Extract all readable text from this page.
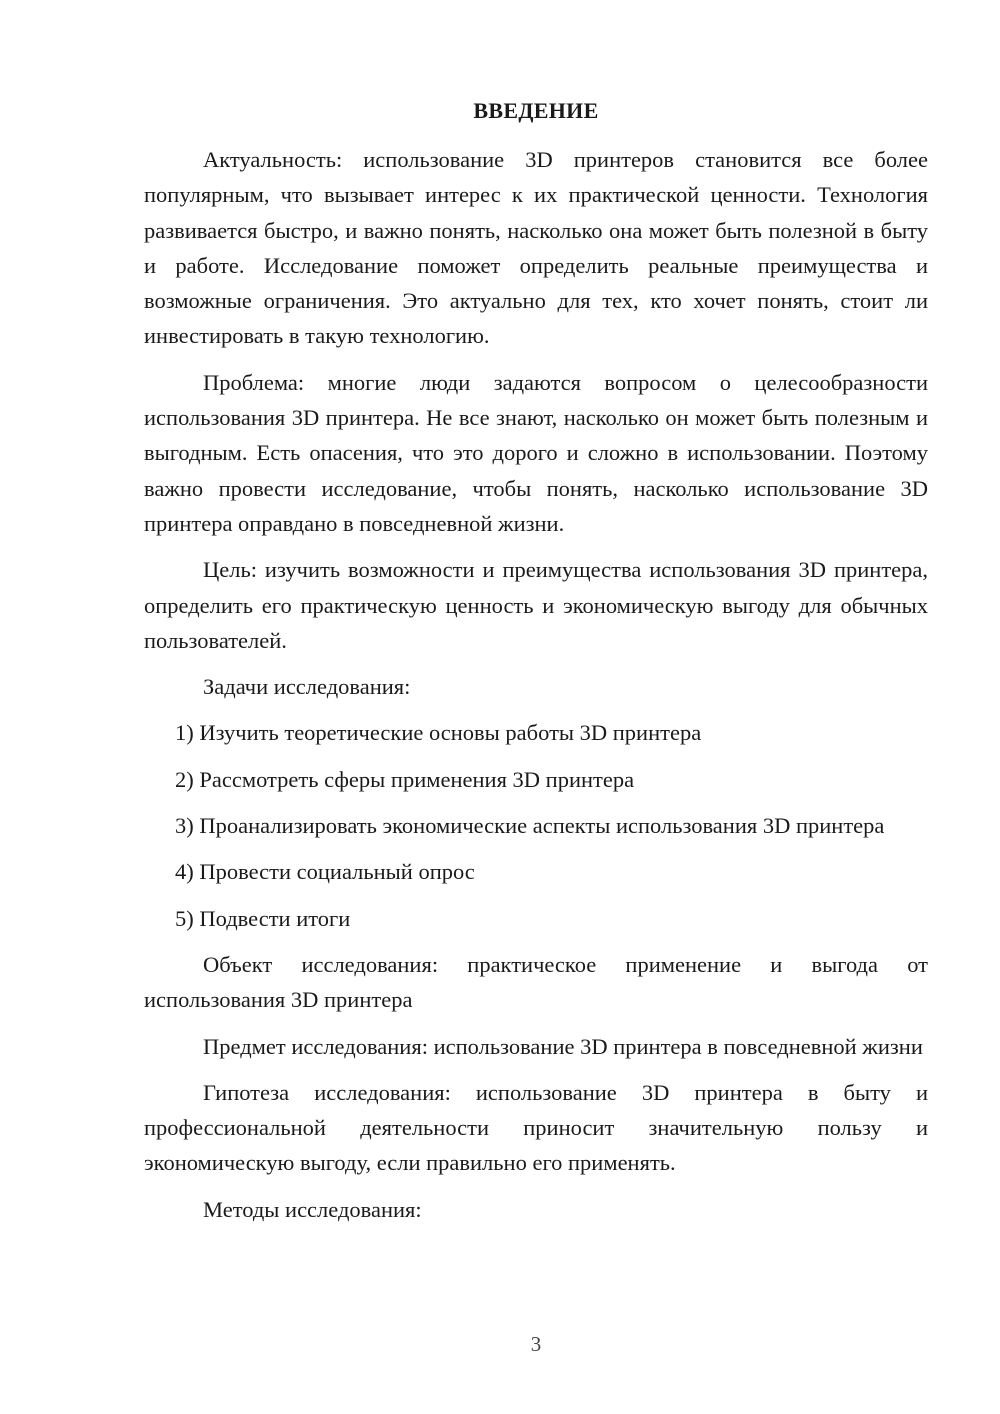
ВВЕДЕНИЕ

Актуальность: использование 3D принтеров становится все более популярным, что вызывает интерес к их практической ценности. Технология развивается быстро, и важно понять, насколько она может быть полезной в быту и работе. Исследование поможет определить реальные преимущества и возможные ограничения. Это актуально для тех, кто хочет понять, стоит ли инвестировать в такую технологию.

Проблема: многие люди задаются вопросом о целесообразности использования 3D принтера. Не все знают, насколько он может быть полезным и выгодным. Есть опасения, что это дорого и сложно в использовании. Поэтому важно провести исследование, чтобы понять, насколько использование 3D принтера оправдано в повседневной жизни.

Цель: изучить возможности и преимущества использования 3D принтера, определить его практическую ценность и экономическую выгоду для обычных пользователей.

Задачи исследования:

1) Изучить теоретические основы работы 3D принтера

2) Рассмотреть сферы применения 3D принтера

3) Проанализировать экономические аспекты использования 3D принтера

4) Провести социальный опрос

5) Подвести итоги

Объект исследования: практическое применение и выгода от использования 3D принтера

Предмет исследования: использование 3D принтера в повседневной жизни

Гипотеза исследования: использование 3D принтера в быту и профессиональной деятельности приносит значительную пользу и экономическую выгоду, если правильно его применять.

Методы исследования:

3
